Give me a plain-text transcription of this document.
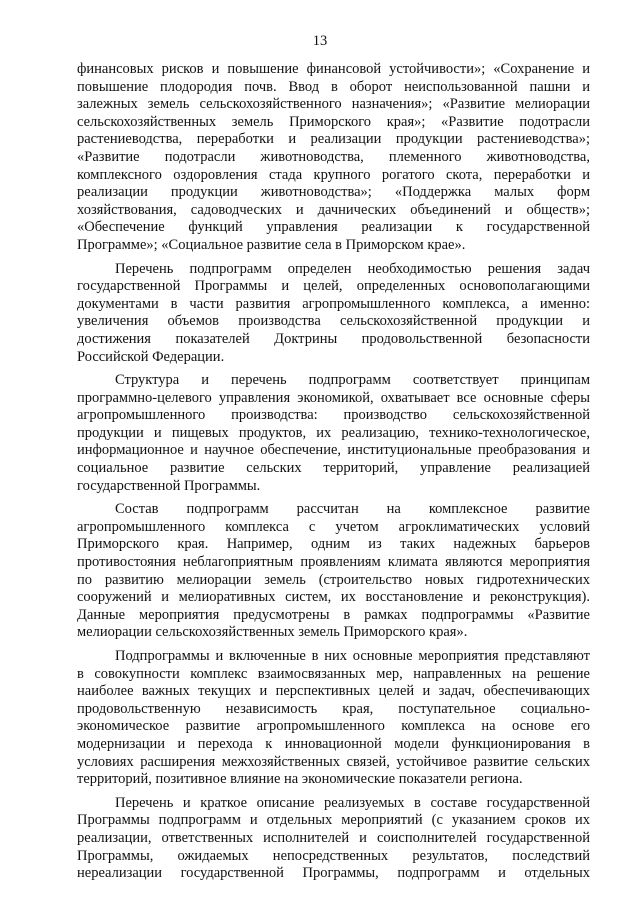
13
финансовых рисков и повышение финансовой устойчивости»; «Сохранение и
повышение плодородия почв. Ввод в оборот неиспользованной пашни и
залежных земель сельскохозяйственного назначения»; «Развитие мелиорации
сельскохозяйственных земель Приморского края»; «Развитие подотрасли
растениеводства, переработки и реализации продукции растениеводства»;
«Развитие подотрасли животноводства, племенного животноводства,
комплексного оздоровления стада крупного рогатого скота, переработки и
реализации продукции животноводства»; «Поддержка малых форм
хозяйствования, садоводческих и дачнических объединений и обществ»;
«Обеспечение функций управления реализации к государственной
Программе»; «Социальное развитие села в Приморском крае».
Перечень подпрограмм определен необходимостью решения задач
государственной Программы и целей, определенных основополагающими
документами в части развития агропромышленного комплекса, а именно:
увеличения объемов производства сельскохозяйственной продукции и
достижения показателей Доктрины продовольственной безопасности
Российской Федерации.
Структура и перечень подпрограмм соответствует принципам
программно-целевого управления экономикой, охватывает все основные сферы
агропромышленного производства: производство сельскохозяйственной
продукции и пищевых продуктов, их реализацию, технико-технологическое,
информационное и научное обеспечение, институциональные преобразования и
социальное развитие сельских территорий, управление реализацией
государственной Программы.
Состав подпрограмм рассчитан на комплексное развитие
агропромышленного комплекса с учетом агроклиматических условий
Приморского края. Например, одним из таких надежных барьеров
противостояния неблагоприятным проявлениям климата являются мероприятия
по развитию мелиорации земель (строительство новых гидротехнических
сооружений и мелиоративных систем, их восстановление и реконструкция).
Данные мероприятия предусмотрены в рамках подпрограммы «Развитие
мелиорации сельскохозяйственных земель Приморского края».
Подпрограммы и включенные в них основные мероприятия представляют
в совокупности комплекс взаимосвязанных мер, направленных на решение
наиболее важных текущих и перспективных целей и задач, обеспечивающих
продовольственную независимость края, поступательное социально-
экономическое развитие агропромышленного комплекса на основе его
модернизации и перехода к инновационной модели функционирования в
условиях расширения межхозяйственных связей, устойчивое развитие сельских
территорий, позитивное влияние на экономические показатели региона.
Перечень и краткое описание реализуемых в составе государственной
Программы подпрограмм и отдельных мероприятий (с указанием сроков их
реализации, ответственных исполнителей и соисполнителей государственной
Программы, ожидаемых непосредственных результатов, последствий
нереализации государственной Программы, подпрограмм и отдельных
